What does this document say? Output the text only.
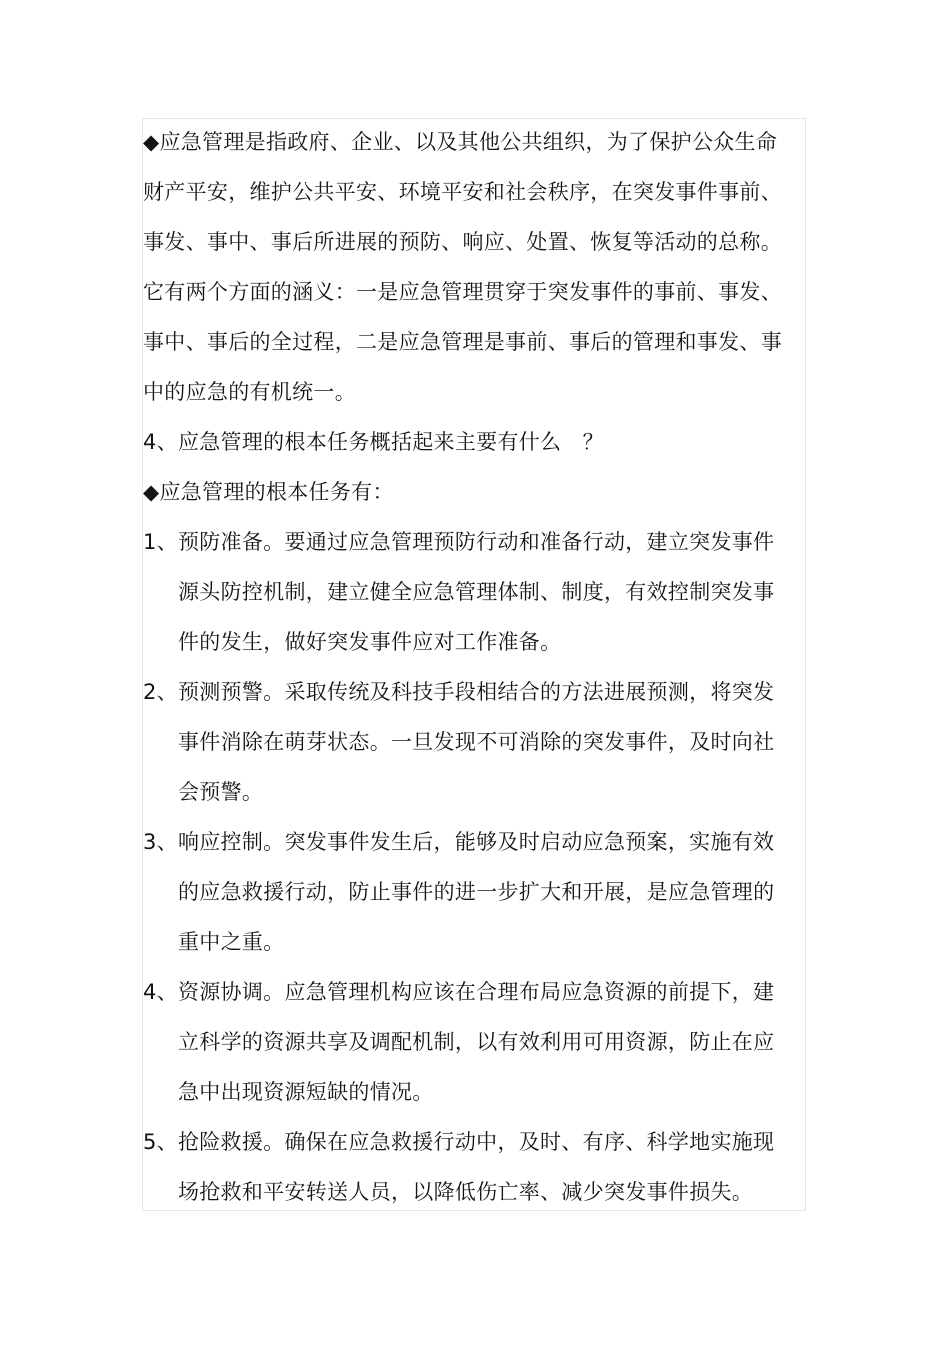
◆应急管理是指政府、企业、以及其他公共组织，为了保护公众生命
财产平安，维护公共平安、环境平安和社会秩序，在突发事件事前、
事发、事中、事后所进展的预防、响应、处置、恢复等活动的总称。
它有两个方面的涵义：一是应急管理贯穿于突发事件的事前、事发、
事中、事后的全过程，二是应急管理是事前、事后的管理和事发、事
中的应急的有机统一。
4、应急管理的根本任务概括起来主要有什么　？
◆应急管理的根本任务有：
1、预防准备。要通过应急管理预防行动和准备行动，建立突发事件
源头防控机制，建立健全应急管理体制、制度，有效控制突发事
件的发生，做好突发事件应对工作准备。
2、预测预警。采取传统及科技手段相结合的方法进展预测，将突发
事件消除在萌芽状态。一旦发现不可消除的突发事件，及时向社
会预警。
3、响应控制。突发事件发生后，能够及时启动应急预案，实施有效
的应急救援行动，防止事件的进一步扩大和开展，是应急管理的
重中之重。
4、资源协调。应急管理机构应该在合理布局应急资源的前提下，建
立科学的资源共享及调配机制，以有效利用可用资源，防止在应
急中出现资源短缺的情况。
5、抢险救援。确保在应急救援行动中，及时、有序、科学地实施现
场抢救和平安转送人员，以降低伤亡率、减少突发事件损失。
